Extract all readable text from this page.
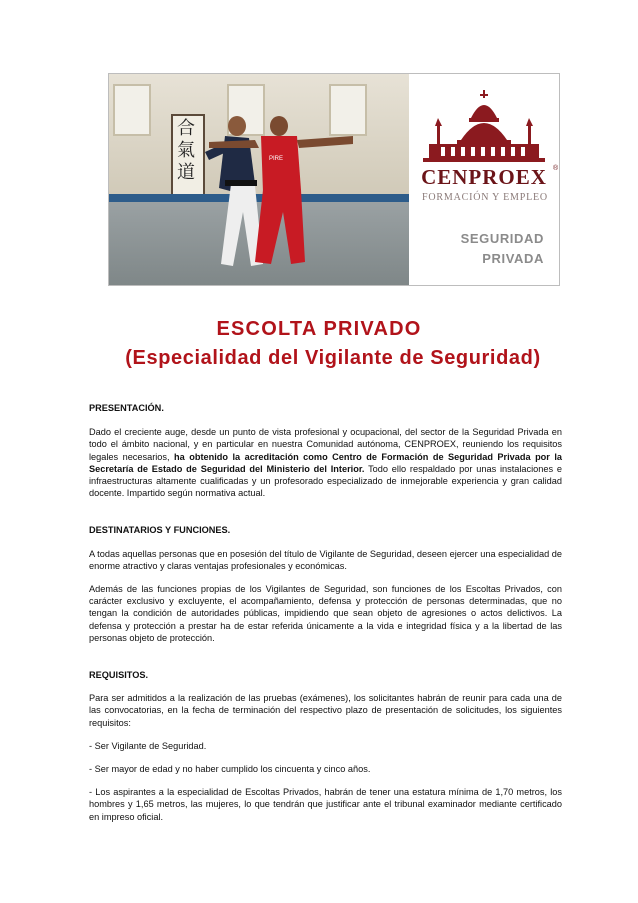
合氣道
PIRE
CENPROEX ®
FORMACIÓN Y EMPLEO
SEGURIDAD
PRIVADA
ESCOLTA PRIVADO
(Especialidad del Vigilante de Seguridad)
PRESENTACIÓN.

Dado el creciente auge, desde un punto de vista profesional y ocupacional, del sector de la Seguridad Privada en todo el ámbito nacional, y en particular en nuestra Comunidad autónoma, CENPROEX, reuniendo los requisitos legales necesarios, ha obtenido la acreditación como Centro de Formación de Seguridad Privada por la Secretaría de Estado de Seguridad del Ministerio del Interior. Todo ello respaldado por unas instalaciones e infraestructuras altamente cualificadas y un profesorado especializado de inmejorable experiencia y gran calidad docente. Impartido según normativa actual.

DESTINATARIOS Y FUNCIONES.

A todas aquellas personas que en posesión del título de Vigilante de Seguridad, deseen ejercer una especialidad de enorme atractivo y claras ventajas profesionales y económicas.

Además de las funciones propias de los Vigilantes de Seguridad, son funciones de los Escoltas Privados, con carácter exclusivo y excluyente, el acompañamiento, defensa y protección de personas determinadas, que no tengan la condición de autoridades públicas, impidiendo que sean objeto de agresiones o actos delictivos. La defensa y protección a prestar ha de estar referida únicamente a la vida e integridad física y a la libertad de las personas objeto de protección.

REQUISITOS.

Para ser admitidos a la realización de las pruebas (exámenes), los solicitantes habrán de reunir para cada una de las convocatorias, en la fecha de terminación del respectivo plazo de presentación de solicitudes, los siguientes requisitos:

- Ser Vigilante de Seguridad.

- Ser mayor de edad y no haber cumplido los cincuenta y cinco años.

- Los aspirantes a la especialidad de Escoltas Privados, habrán de tener una estatura mínima de 1,70 metros, los hombres y 1,65 metros, las mujeres, lo que tendrán que justificar ante el tribunal examinador mediante certificado en impreso oficial.
